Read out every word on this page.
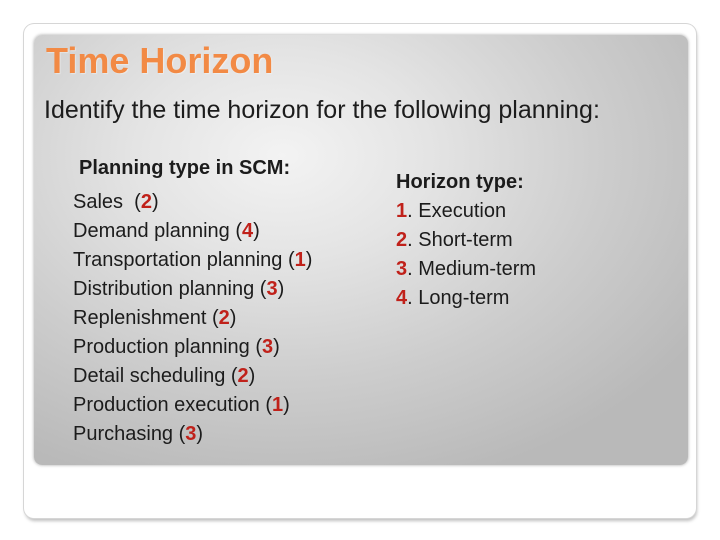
Time Horizon

Identify the time horizon for the following planning:

Planning type in SCM:
Sales  (2)
Demand planning (4)
Transportation planning (1)
Distribution planning (3)
Replenishment (2)
Production planning (3)
Detail scheduling (2)
Production execution (1)
Purchasing (3)
Horizon type:
1. Execution
2. Short-term
3. Medium-term
4. Long-term
